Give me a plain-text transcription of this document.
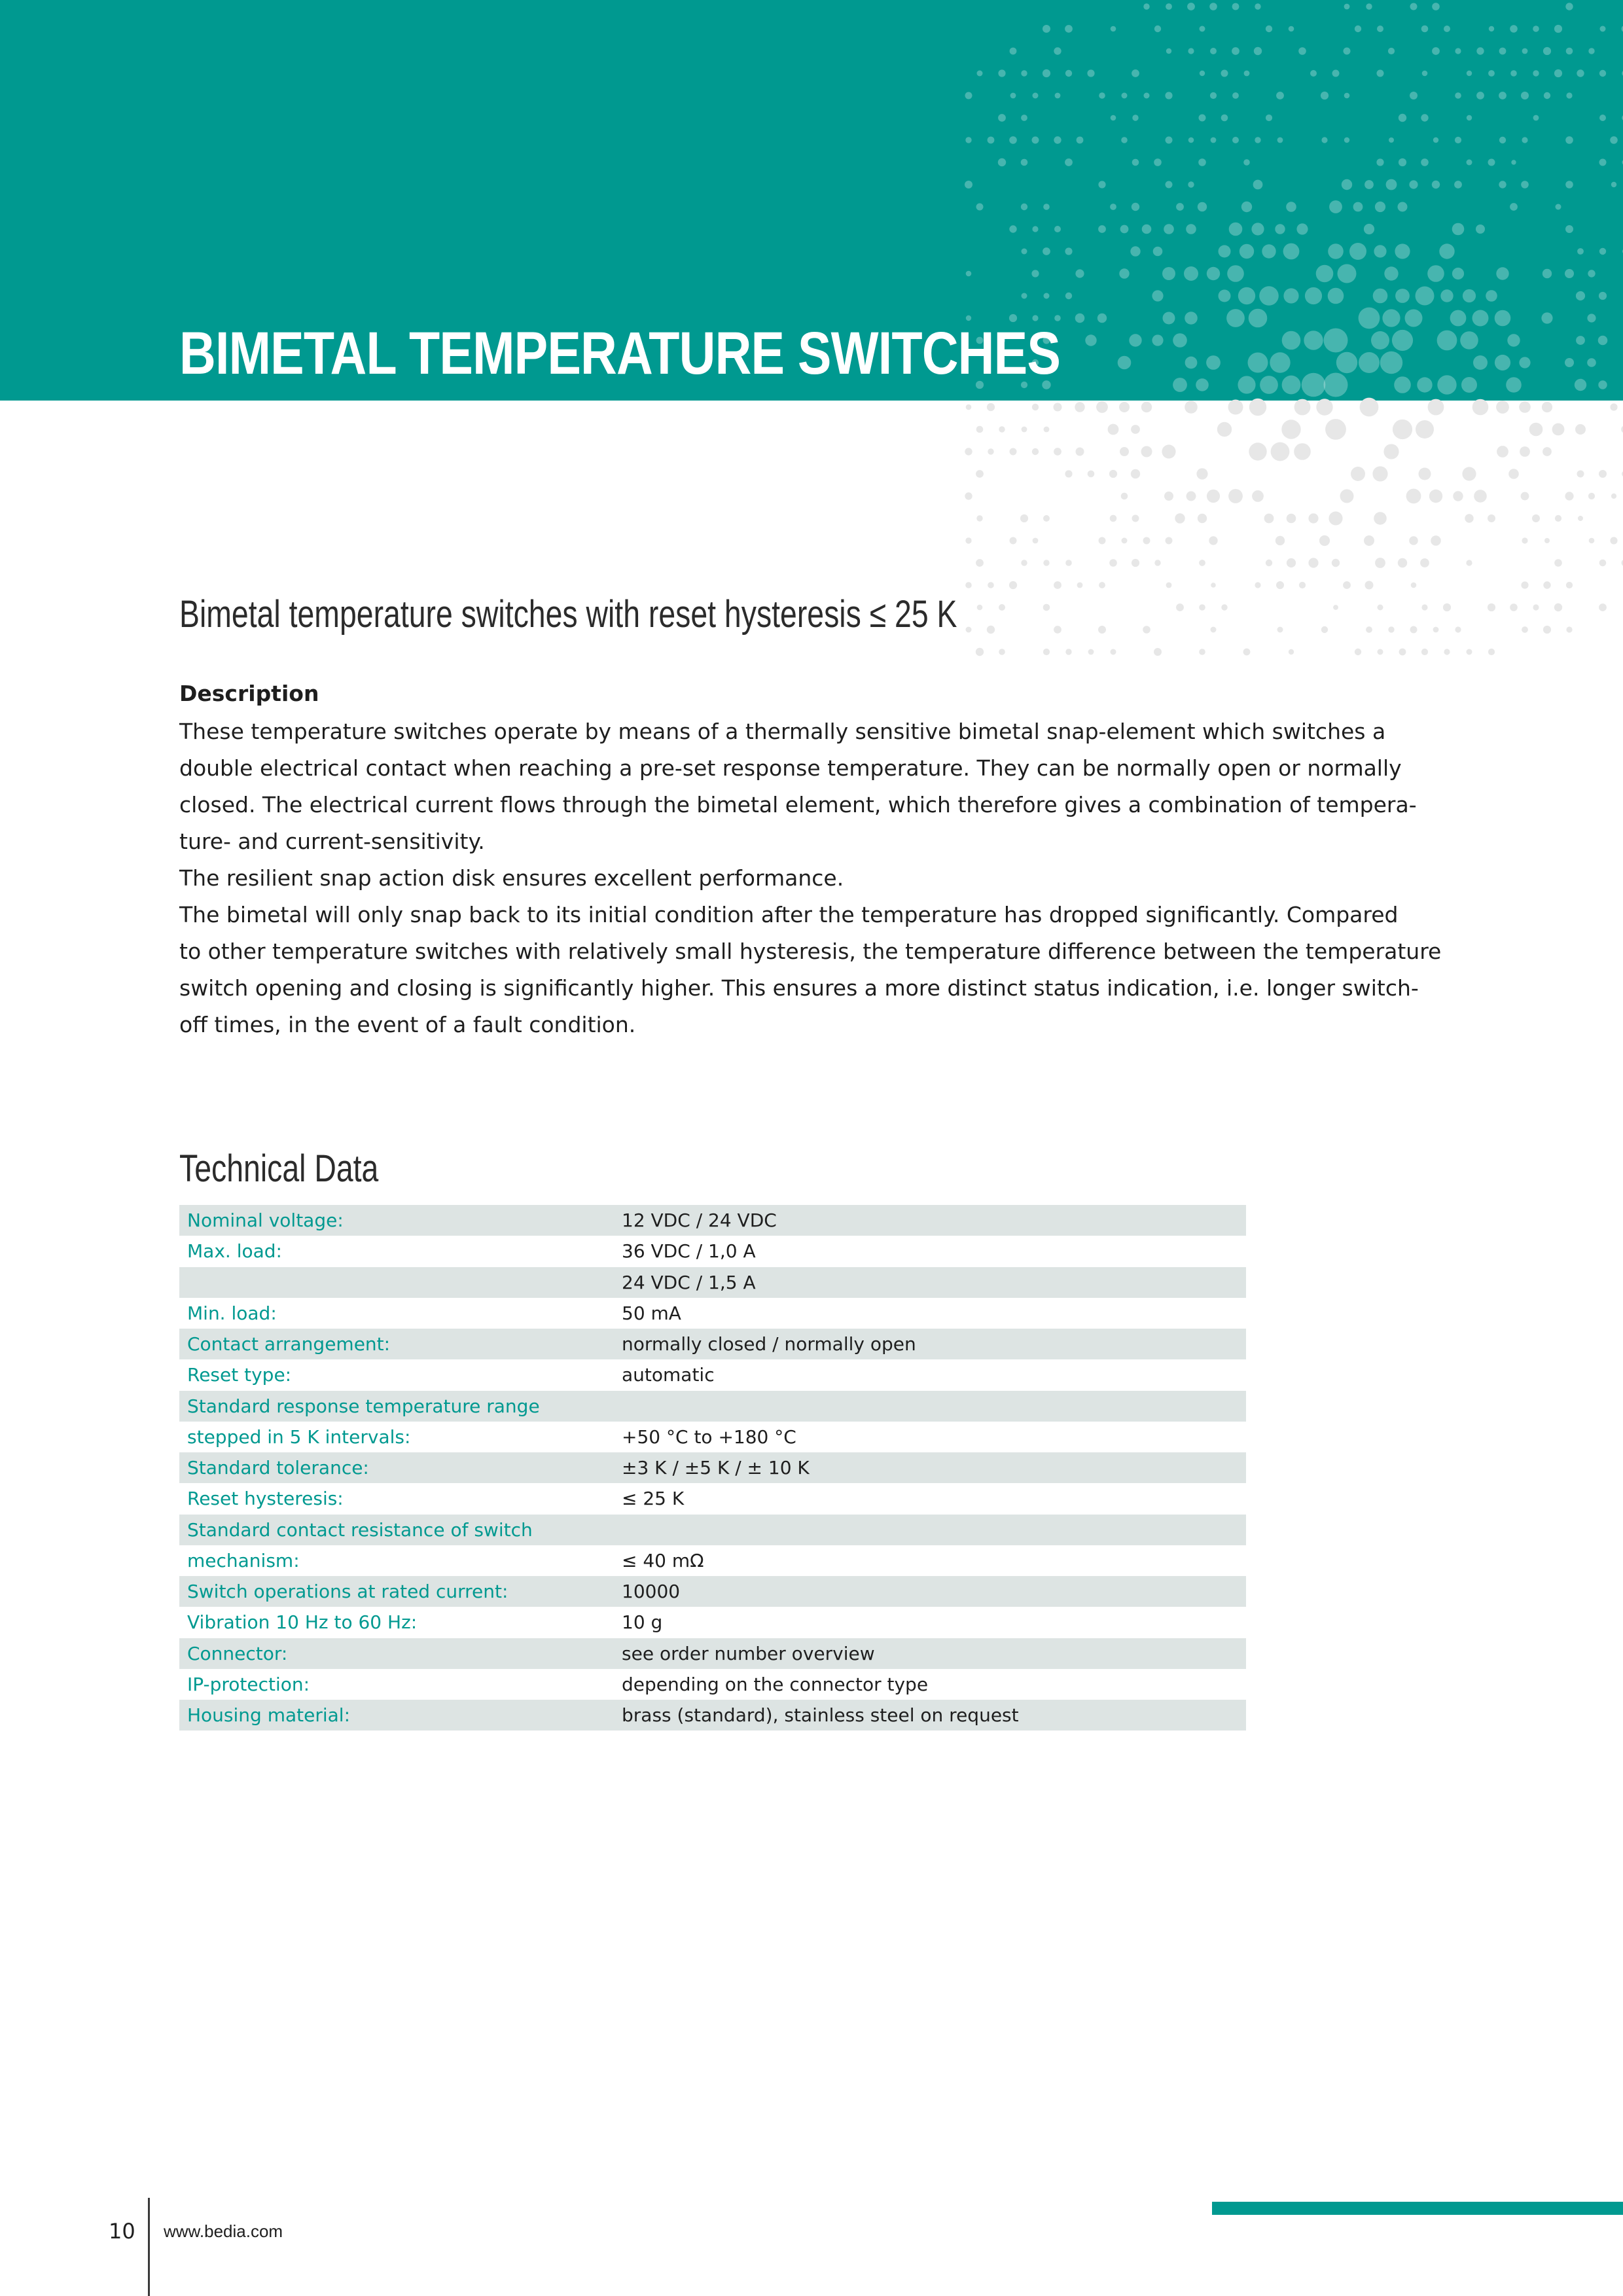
BIMETAL TEMPERATURE SWITCHES
Bimetal temperature switches with reset hysteresis ≤ 25 K
Description

These temperature switches operate by means of a thermally sensitive bimetal snap-element which switches a
double electrical contact when reaching a pre-set response temperature. They can be normally open or normally
closed. The electrical current flows through the bimetal element, which therefore gives a combination of tempera-
ture- and current-sensitivity.
The resilient snap action disk ensures excellent performance.
The bimetal will only snap back to its initial condition after the temperature has dropped significantly. Compared
to other temperature switches with relatively small hysteresis, the temperature difference between the temperature
switch opening and closing is significantly higher. This ensures a more distinct status indication, i.e. longer switch-
off times, in the event of a fault condition.

Technical Data
Nominal voltage:	12 VDC / 24 VDC
Max. load:	36 VDC / 1,0 A
	24 VDC / 1,5 A
Min. load:	50 mA
Contact arrangement:	normally closed / normally open
Reset type:	automatic
Standard response temperature range	
stepped in 5 K intervals:	+50 °C to +180 °C
Standard tolerance:	±3 K / ±5 K / ± 10 K
Reset hysteresis:	≤ 25 K
Standard contact resistance of switch	
mechanism:	≤ 40 mΩ
Switch operations at rated current:	10000
Vibration 10 Hz to 60 Hz:	10 g
Connector:	see order number overview
IP-protection:	depending on the connector type
Housing material:	brass (standard), stainless steel on request
10 www.bedia.com
